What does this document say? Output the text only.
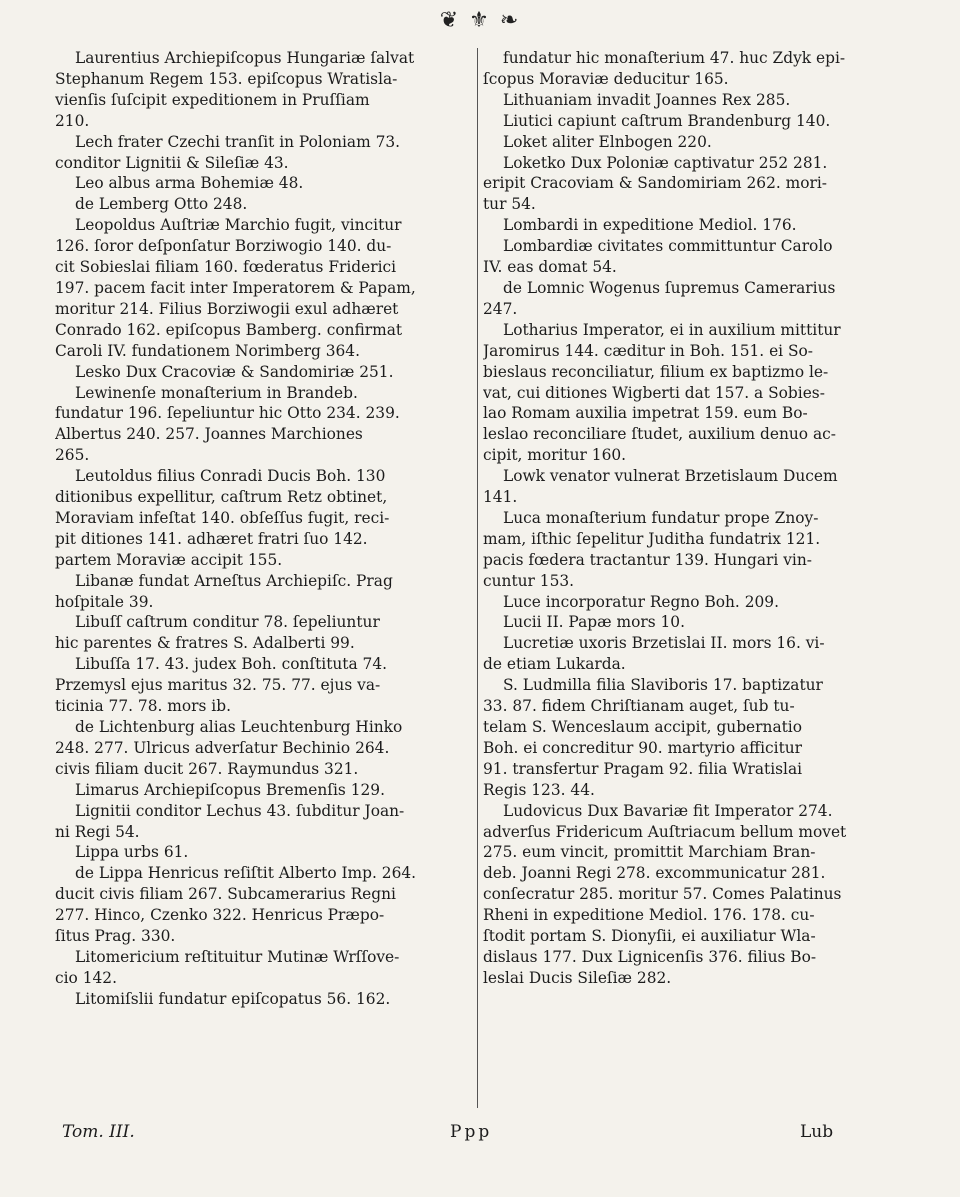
❦ ⚜ ❧
Laurentius Archiepiſcopus Hungariæ ſalvat
Stephanum Regem 153. epiſcopus Wratisla-
vienſis ſuſcipit expeditionem in Pruſſiam
210.
Lech frater Czechi tranſit in Poloniam 73.
conditor Lignitii & Sileſiæ 43.
Leo albus arma Bohemiæ 48.
de Lemberg Otto 248.
Leopoldus Auſtriæ Marchio fugit, vincitur
126. ſoror deſponſatur Borziwogio 140. du-
cit Sobieslai filiam 160. fœderatus Friderici
197. pacem facit inter Imperatorem & Papam,
moritur 214. Filius Borziwogii exul adhæret
Conrado 162. epiſcopus Bamberg. confirmat
Caroli IV. fundationem Norimberg 364.
Lesko Dux Cracoviæ & Sandomiriæ 251.
Lewinenſe monaſterium in Brandeb.
fundatur 196. ſepeliuntur hic Otto 234. 239.
Albertus 240. 257. Joannes Marchiones
265.
Leutoldus filius Conradi Ducis Boh. 130
ditionibus expellitur, caſtrum Retz obtinet,
Moraviam infeſtat 140. obſeſſus fugit, reci-
pit ditiones 141. adhæret fratri ſuo 142.
partem Moraviæ accipit 155.
Libanæ fundat Arneſtus Archiepiſc. Prag
hoſpitale 39.
Libuſſ caſtrum conditur 78. ſepeliuntur
hic parentes & fratres S. Adalberti 99.
Libuſſa 17. 43. judex Boh. conſtituta 74.
Przemysl ejus maritus 32. 75. 77. ejus va-
ticinia 77. 78. mors ib.
de Lichtenburg alias Leuchtenburg Hinko
248. 277. Ulricus adverſatur Bechinio 264.
civis filiam ducit 267. Raymundus 321.
Limarus Archiepiſcopus Bremenſis 129.
Lignitii conditor Lechus 43. ſubditur Joan-
ni Regi 54.
Lippa urbs 61.
de Lippa Henricus reſiſtit Alberto Imp. 264.
ducit civis filiam 267. Subcamerarius Regni
277. Hinco, Czenko 322. Henricus Præpo-
ſitus Prag. 330.
Litomericium reſtituitur Mutinæ Wrſſove-
cio 142.
Litomiſslii fundatur epiſcopatus 56. 162.
fundatur hic monaſterium 47. huc Zdyk epi-
ſcopus Moraviæ deducitur 165.
Lithuaniam invadit Joannes Rex 285.
Liutici capiunt caſtrum Brandenburg 140.
Loket aliter Elnbogen 220.
Loketko Dux Poloniæ captivatur 252 281.
eripit Cracoviam & Sandomiriam 262. mori-
tur 54.
Lombardi in expeditione Mediol. 176.
Lombardiæ civitates committuntur Carolo
IV. eas domat 54.
de Lomnic Wogenus ſupremus Camerarius
247.
Lotharius Imperator, ei in auxilium mittitur
Jaromirus 144. cæditur in Boh. 151. ei So-
bieslaus reconciliatur, filium ex baptizmo le-
vat, cui ditiones Wigberti dat 157. a Sobies-
lao Romam auxilia impetrat 159. eum Bo-
leslao reconciliare ſtudet, auxilium denuo ac-
cipit, moritur 160.
Lowk venator vulnerat Brzetislaum Ducem
141.
Luca monaſterium fundatur prope Znoy-
mam, iſthic ſepelitur Juditha fundatrix 121.
pacis fœdera tractantur 139. Hungari vin-
cuntur 153.
Luce incorporatur Regno Boh. 209.
Lucii II. Papæ mors 10.
Lucretiæ uxoris Brzetislai II. mors 16. vi-
de etiam Lukarda.
S. Ludmilla filia Slaviboris 17. baptizatur
33. 87. fidem Chriſtianam auget, ſub tu-
telam S. Wenceslaum accipit, gubernatio
Boh. ei concreditur 90. martyrio afficitur
91. transfertur Pragam 92. filia Wratislai
Regis 123. 44.
Ludovicus Dux Bavariæ fit Imperator 274.
adverſus Fridericum Auſtriacum bellum movet
275. eum vincit, promittit Marchiam Bran-
deb. Joanni Regi 278. excommunicatur 281.
conſecratur 285. moritur 57. Comes Palatinus
Rheni in expeditione Mediol. 176. 178. cu-
ſtodit portam S. Dionyſii, ei auxiliatur Wla-
dislaus 177. Dux Lignicenſis 376. filius Bo-
leslai Ducis Sileſiæ 282.
Tom. III.	Ppp	Lub
